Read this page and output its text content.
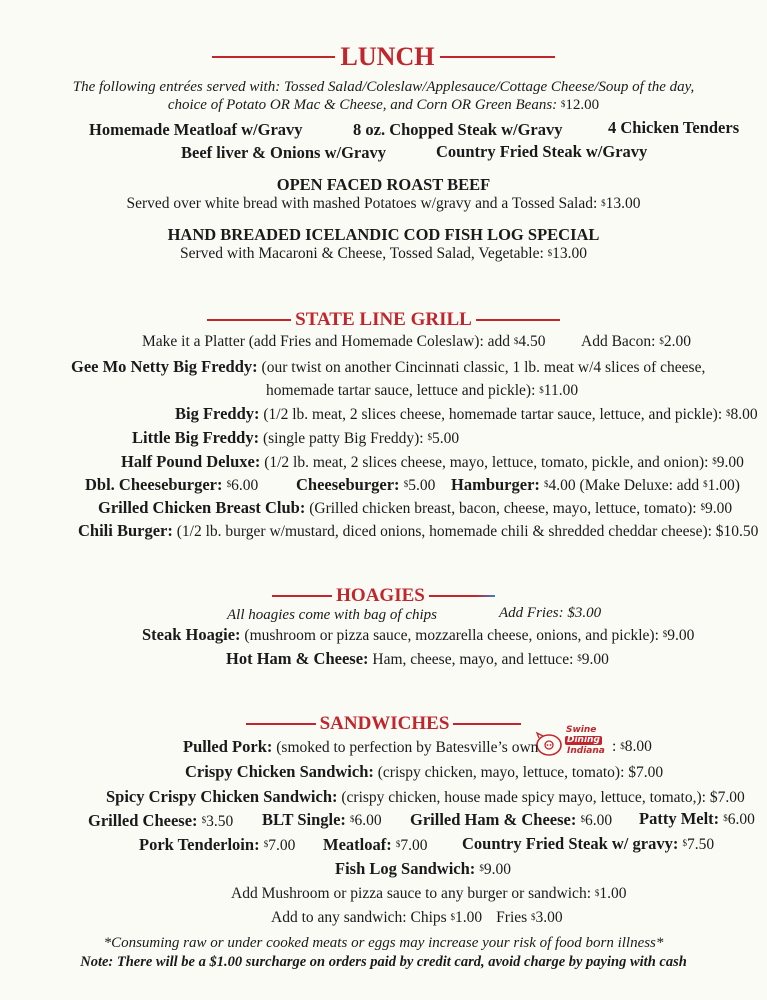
LUNCH
The following entrées served with: Tossed Salad/Coleslaw/Applesauce/Cottage Cheese/Soup of the day,
choice of Potato OR Mac & Cheese, and Corn OR Green Beans: $12.00
Homemade Meatloaf w/Gravy	8 oz. Chopped Steak w/Gravy	4 Chicken Tenders
Beef liver & Onions w/Gravy	Country Fried Steak w/Gravy
OPEN FACED ROAST BEEF
Served over white bread with mashed Potatoes w/gravy and a Tossed Salad: $13.00
HAND BREADED ICELANDIC COD FISH LOG SPECIAL
Served with Macaroni & Cheese, Tossed Salad, Vegetable: $13.00
STATE LINE GRILL
Make it a Platter (add Fries and Homemade Coleslaw): add $4.50 Add Bacon: $2.00
Gee Mo Netty Big Freddy: (our twist on another Cincinnati classic, 1 lb. meat w/4 slices of cheese,
homemade tartar sauce, lettuce and pickle): $11.00
Big Freddy: (1/2 lb. meat, 2 slices cheese, homemade tartar sauce, lettuce, and pickle): $8.00
Little Big Freddy: (single patty Big Freddy): $5.00
Half Pound Deluxe: (1/2 lb. meat, 2 slices cheese, mayo, lettuce, tomato, pickle, and onion): $9.00
Dbl. Cheeseburger: $6.00 Cheeseburger: $5.00 Hamburger: $4.00 (Make Deluxe: add $1.00)
Grilled Chicken Breast Club: (Grilled chicken breast, bacon, cheese, mayo, lettuce, tomato): $9.00
Chili Burger: (1/2 lb. burger w/mustard, diced onions, homemade chili & shredded cheddar cheese): $10.50
HOAGIES
All hoagies come with bag of chips	Add Fries: $3.00
Steak Hoagie: (mushroom or pizza sauce, mozzarella cheese, onions, and pickle): $9.00
Hot Ham & Cheese: Ham, cheese, mayo, and lettuce: $9.00
SANDWICHES	Swine
Dining
Indiana
Pulled Pork: (smoked to perfection by Batesville’s own	: $8.00
Crispy Chicken Sandwich: (crispy chicken, mayo, lettuce, tomato): $7.00
Spicy Crispy Chicken Sandwich: (crispy chicken, house made spicy mayo, lettuce, tomato,): $7.00
Grilled Cheese: $3.50 BLT Single: $6.00 Grilled Ham & Cheese: $6.00 Patty Melt: $6.00
Pork Tenderloin: $7.00 Meatloaf: $7.00 Country Fried Steak w/ gravy: $7.50
Fish Log Sandwich: $9.00
Add Mushroom or pizza sauce to any burger or sandwich: $1.00
Add to any sandwich: Chips $1.00 Fries $3.00
*Consuming raw or under cooked meats or eggs may increase your risk of food born illness*
Note: There will be a $1.00 surcharge on orders paid by credit card, avoid charge by paying with cash
